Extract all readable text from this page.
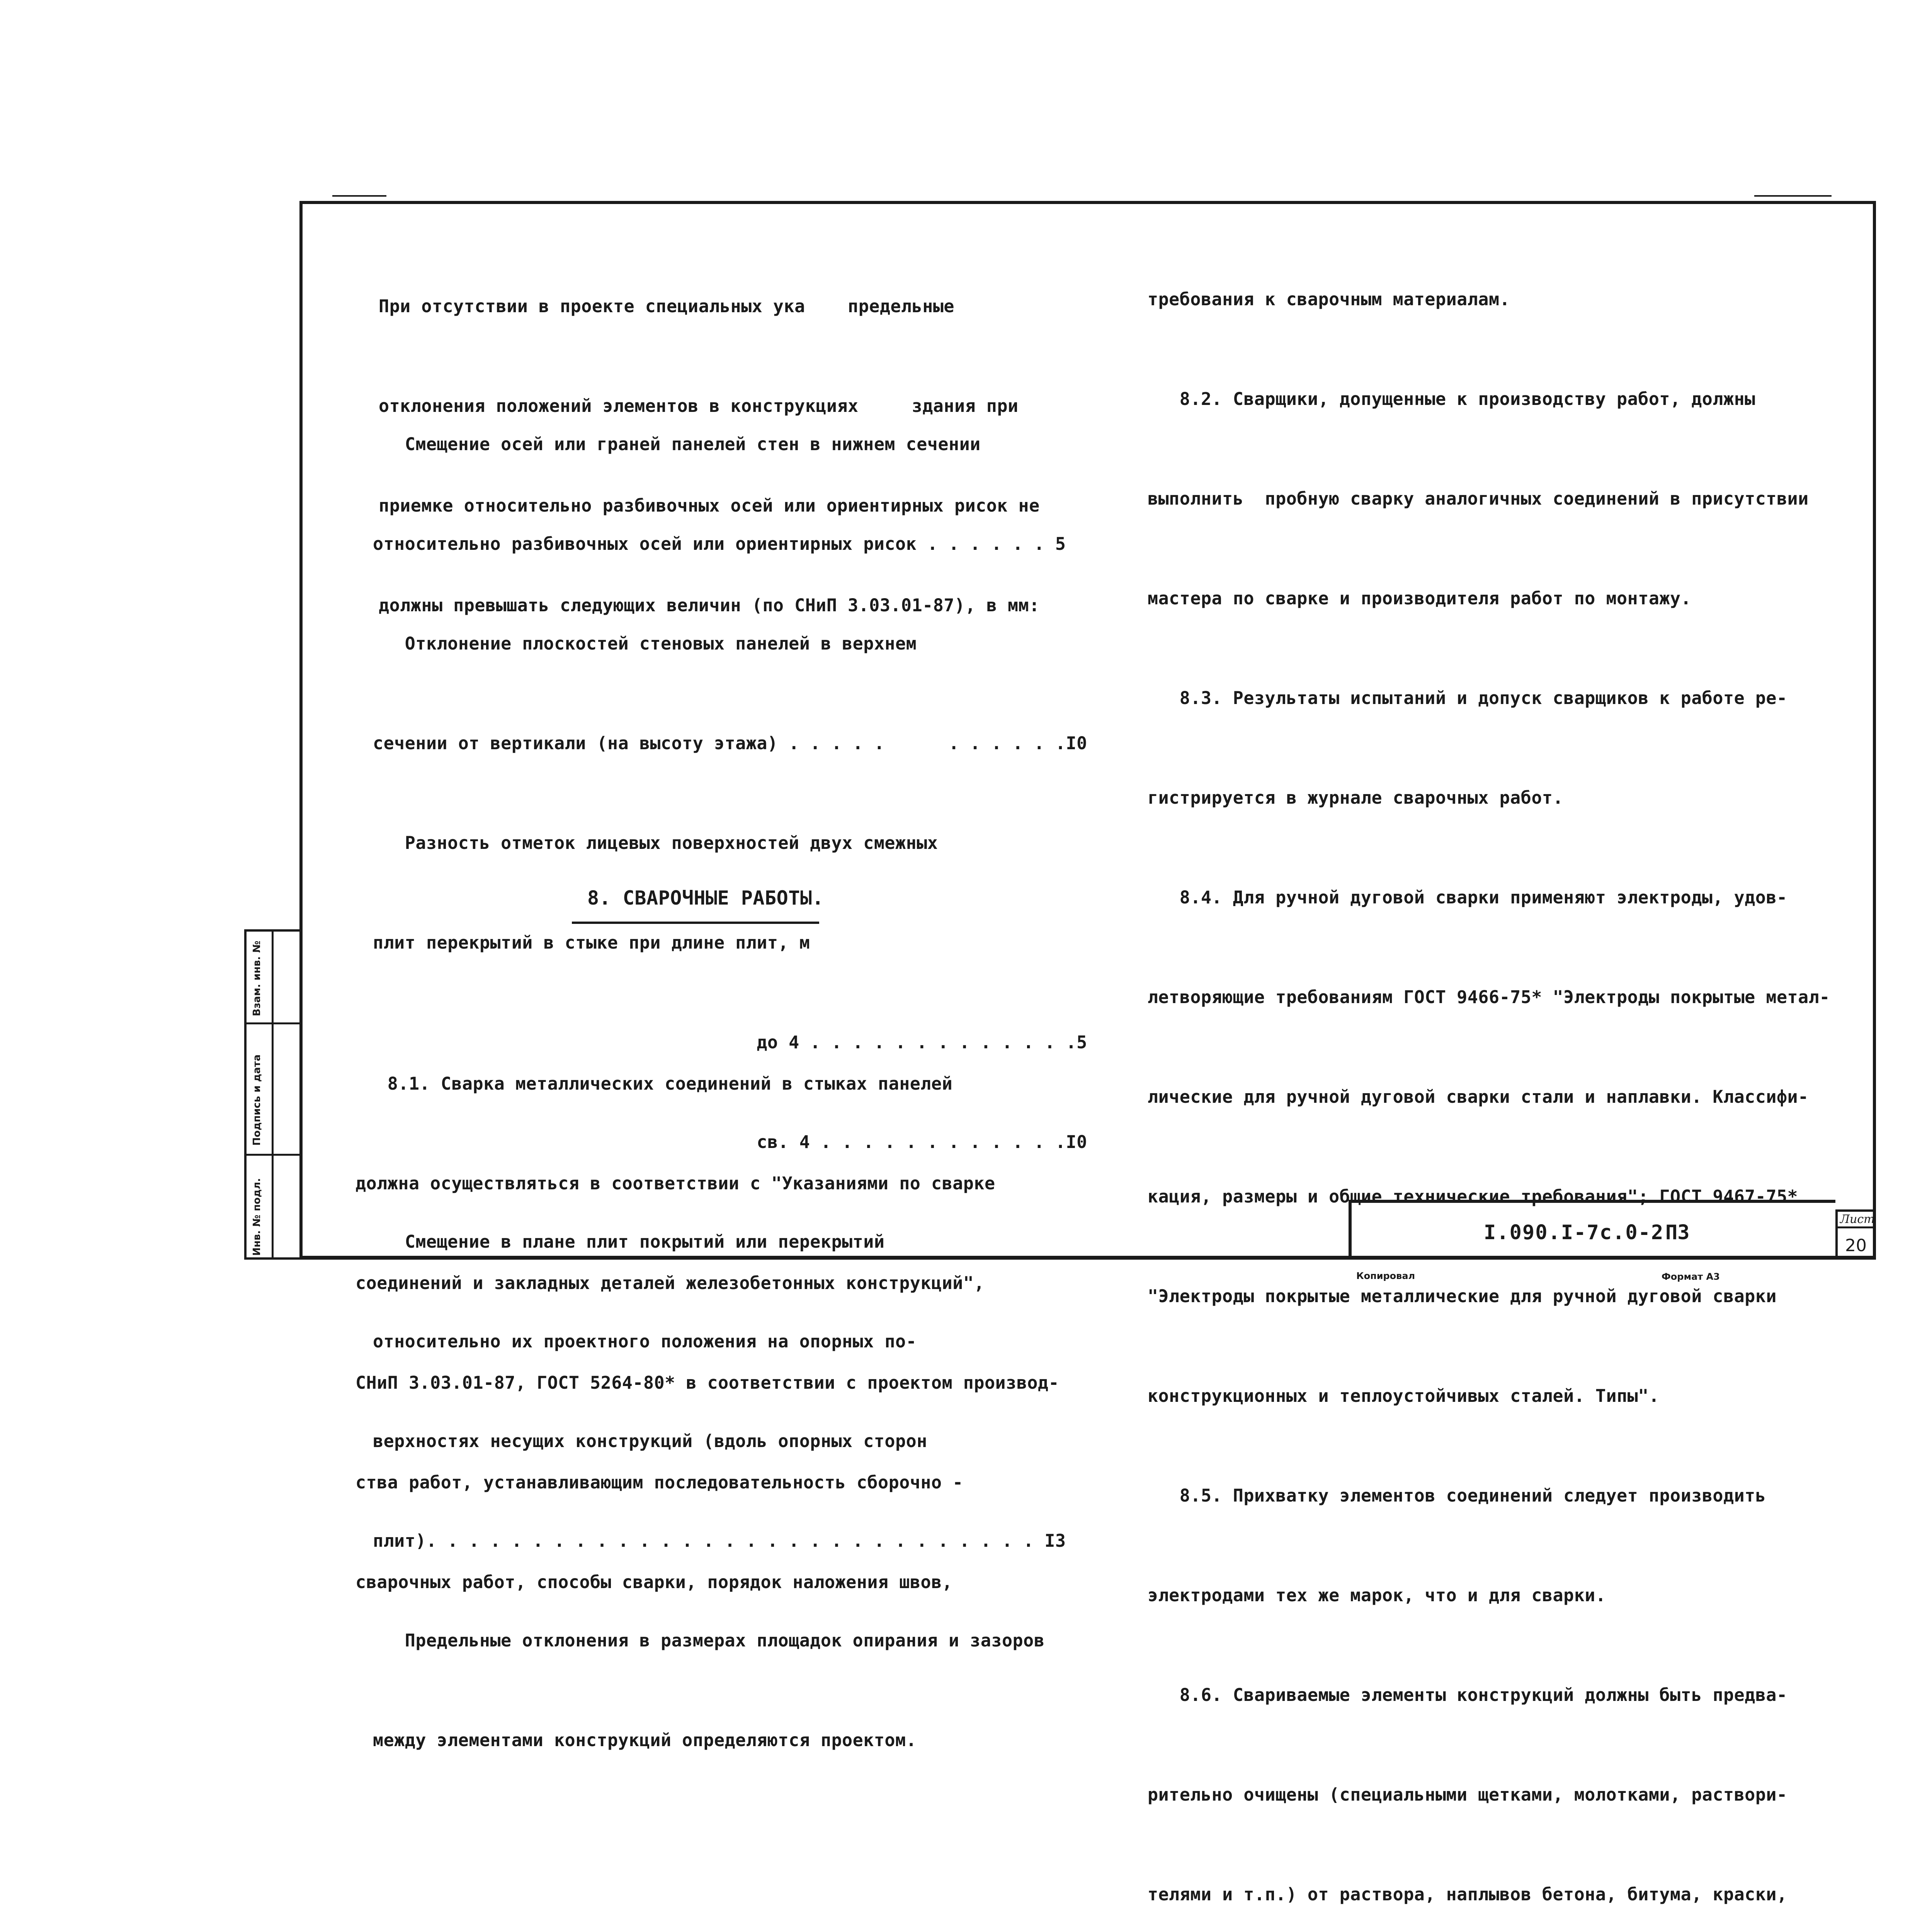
Взам. инв. №
Подпись и дата
Инв. № подл.

При отсутствии в проекте специальных ука    предельные

отклонения положений элементов в конструкциях     здания при

приемке относительно разбивочных осей или ориентирных рисок не

должны превышать следующих величин (по СНиП 3.03.01-87), в мм:

Смещение осей или граней панелей стен в нижнем сечении

относительно разбивочных осей или ориентирных рисок . . . . . . 5

Отклонение плоскостей стеновых панелей в верхнем

сечении от вертикали (на высоту этажа) . . . . .      . . . . . .I0

Разность отметок лицевых поверхностей двух смежных

плит перекрытий в стыке при длине плит, м

до 4 . . . . . . . . . . . . .5

св. 4 . . . . . . . . . . . .I0

Смещение в плане плит покрытий или перекрытий

относительно их проектного положения на опорных по-

верхностях несущих конструкций (вдоль опорных сторон

плит). . . . . . . . . . . . . . . . . . . . . . . . . . . . . I3

Предельные отклонения в размерах площадок опирания и зазоров

между элементами конструкций определяются проектом.

8. СВАРОЧНЫЕ РАБОТЫ.

8.1. Сварка металлических соединений в стыках панелей

должна осуществляться в соответствии с "Указаниями по сварке

соединений и закладных деталей железобетонных конструкций",

СНиП 3.03.01-87, ГОСТ 5264-80* в соответствии с проектом производ-

ства работ, устанавливающим последовательность сборочно -

сварочных работ, способы сварки, порядок наложения швов,

требования к сварочным материалам.

8.2. Сварщики, допущенные к производству работ, должны

выполнить  пробную сварку аналогичных соединений в присутствии

мастера по сварке и производителя работ по монтажу.

8.3. Результаты испытаний и допуск сварщиков к работе ре-

гистрируется в журнале сварочных работ.

8.4. Для ручной дуговой сварки применяют электроды, удов-

летворяющие требованиям ГОСТ 9466-75* "Электроды покрытые метал-

лические для ручной дуговой сварки стали и наплавки. Классифи-

кация, размеры и общие технические требования"; ГОСТ 9467-75*

"Электроды покрытые металлические для ручной дуговой сварки

конструкционных и теплоустойчивых сталей. Типы".

8.5. Прихватку элементов соединений следует производить

электродами тех же марок, что и для сварки.

8.6. Свариваемые элементы конструкций должны быть предва-

рительно очищены (специальными щетками, молотками, раствори-

телями и т.п.) от раствора, наплывов бетона, битума, краски,

I.090.I-7с.0-2 ПЗ
Лист
20
Копировал	Формат А3
